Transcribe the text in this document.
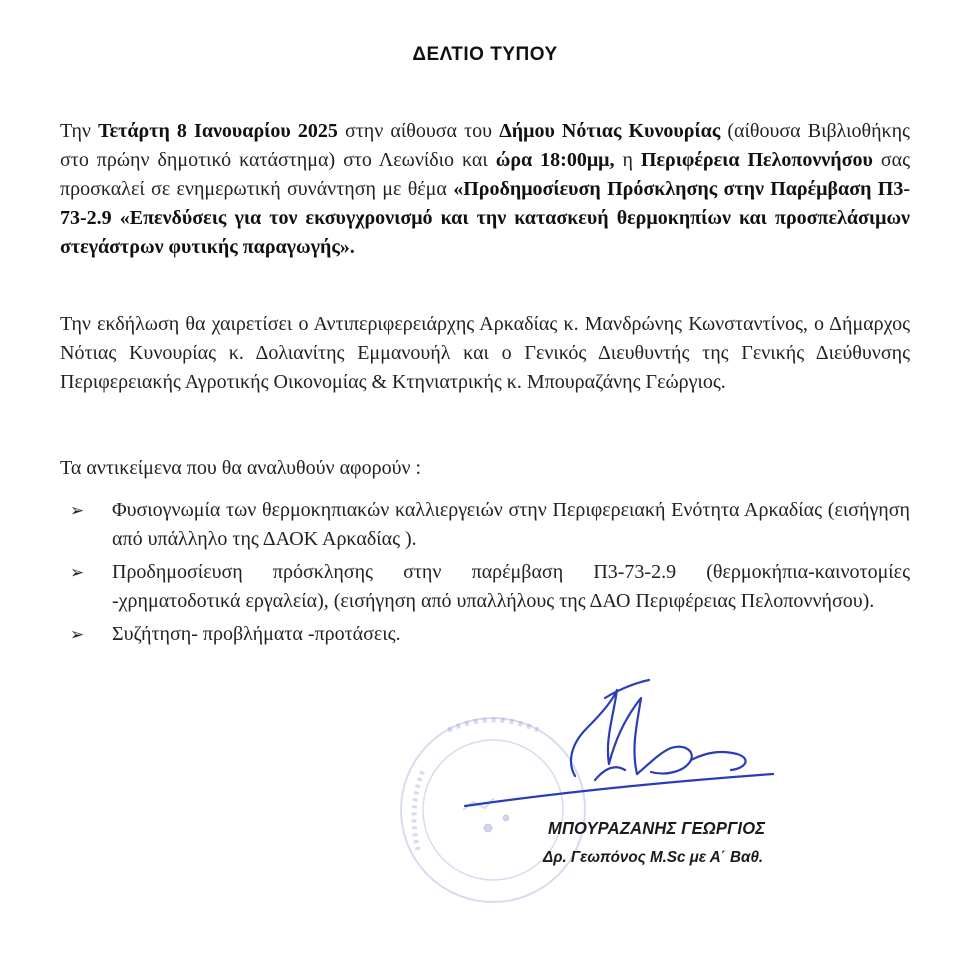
ΔΕΛΤΙΟ ΤΥΠΟΥ
Την Τετάρτη 8 Ιανουαρίου 2025 στην αίθουσα του Δήμου Νότιας Κυνουρίας (αίθουσα Βιβλιοθήκης στο πρώην δημοτικό κατάστημα) στο Λεωνίδιο και ώρα 18:00μμ, η Περιφέρεια Πελοποννήσου σας προσκαλεί σε ενημερωτική συνάντηση με θέμα «Προδημοσίευση Πρόσκλησης στην Παρέμβαση Π3-73-2.9 «Επενδύσεις για τον εκσυγχρονισμό και την κατασκευή θερμοκηπίων και προσπελάσιμων στεγάστρων φυτικής παραγωγής».
Την εκδήλωση θα χαιρετίσει ο Αντιπεριφερειάρχης Αρκαδίας κ. Μανδρώνης Κωνσταντίνος, ο Δήμαρχος Νότιας Κυνουρίας κ. Δολιανίτης Εμμανουήλ και ο Γενικός Διευθυντής της Γενικής Διεύθυνσης Περιφερειακής Αγροτικής Οικονομίας & Κτηνιατρικής κ. Μπουραζάνης Γεώργιος.
Τα αντικείμενα που θα αναλυθούν αφορούν :
➢ Φυσιογνωμία των θερμοκηπιακών καλλιεργειών στην Περιφερειακή Ενότητα Αρκαδίας (εισήγηση από υπάλληλο της ΔΑΟΚ Αρκαδίας ).
➢ Προδημοσίευση πρόσκλησης στην παρέμβαση Π3-73-2.9 (θερμοκήπια-καινοτομίες -χρηματοδοτικά εργαλεία), (εισήγηση από υπαλλήλους της ΔΑΟ Περιφέρειας Πελοποννήσου).
➢ Συζήτηση- προβλήματα -προτάσεις.
ΜΠΟΥΡΑΖΑΝΗΣ ΓΕΩΡΓΙΟΣ
Δρ. Γεωπόνος M.Sc με Α΄ Βαθ.
